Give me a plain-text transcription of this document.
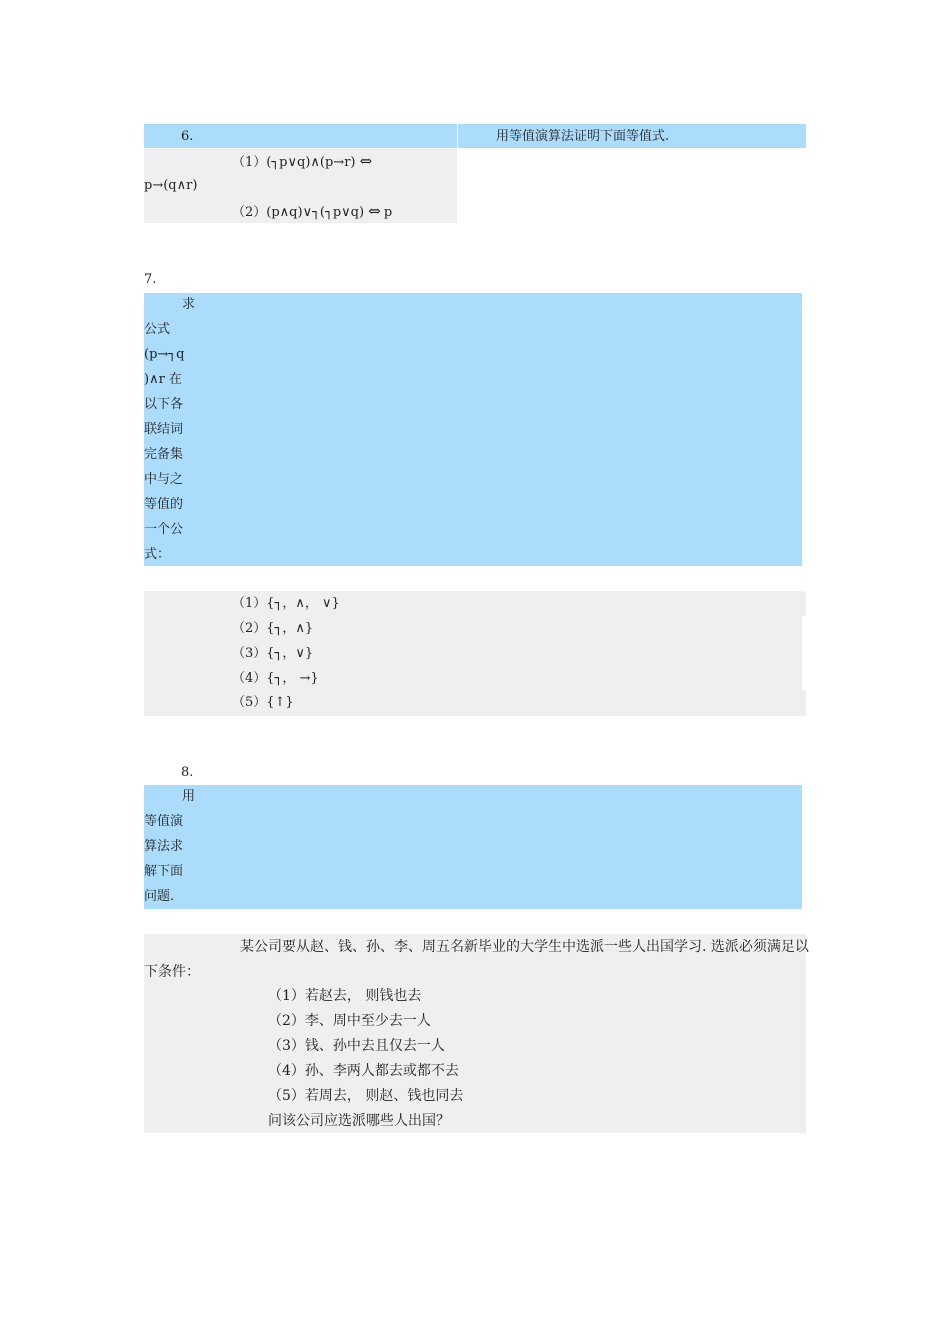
6.	用等值演算法证明下面等值式.
（1）(┐p∨q)∧(p→r) ⇔
p→(q∧r)
（2）(p∧q)∨┐(┐p∨q) ⇔ p
7.
求
公式
(p→┐q
)∧r 在
以下各
联结词
完备集
中与之
等值的
一个公
式：
（1）{┐，∧， ∨}
（2）{┐，∧}
（3）{┐，∨}
（4）{┐， →}
（5）{↑}
8.
用
等值演
算法求
解下面
问题.
某公司要从赵、钱、孙、李、周五名新毕业的大学生中选派一些人出国学习. 选派必须满足以
下条件：
（1）若赵去， 则钱也去
（2）李、周中至少去一人
（3）钱、孙中去且仅去一人
（4）孙、李两人都去或都不去
（5）若周去， 则赵、钱也同去
问该公司应选派哪些人出国？
